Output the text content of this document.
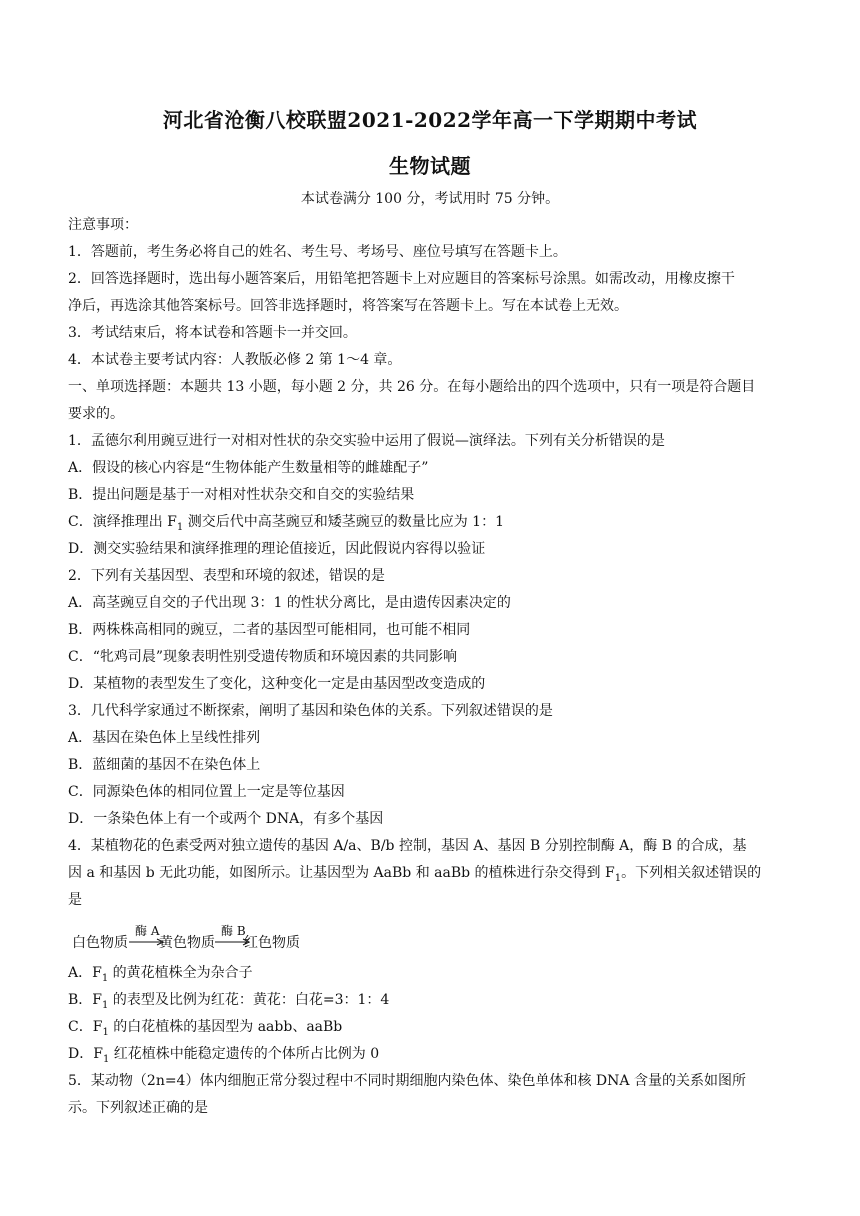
河北省沧衡八校联盟2021-2022学年高一下学期期中考试
生物试题
本试卷满分 100 分，考试用时 75 分钟。
注意事项：
1．答题前，考生务必将自己的姓名、考生号、考场号、座位号填写在答题卡上。
2．回答选择题时，选出每小题答案后，用铅笔把答题卡上对应题目的答案标号涂黑。如需改动，用橡皮擦干
净后，再选涂其他答案标号。回答非选择题时，将答案写在答题卡上。写在本试卷上无效。
3．考试结束后，将本试卷和答题卡一并交回。
4．本试卷主要考试内容：人教版必修 2 第 1～4 章。
一、单项选择题：本题共 13 小题，每小题 2 分，共 26 分。在每小题给出的四个选项中，只有一项是符合题目
要求的。
1．孟德尔利用豌豆进行一对相对性状的杂交实验中运用了假说—演绎法。下列有关分析错误的是
A．假设的核心内容是“生物体能产生数量相等的雌雄配子”
B．提出问题是基于一对相对性状杂交和自交的实验结果
C．演绎推理出 $F_1$ 测交后代中高茎豌豆和矮茎豌豆的数量比应为 1：1
D．测交实验结果和演绎推理的理论值接近，因此假说内容得以验证
2．下列有关基因型、表型和环境的叙述，错误的是
A．高茎豌豆自交的子代出现 3：1 的性状分离比，是由遗传因素决定的
B．两株株高相同的豌豆，二者的基因型可能相同，也可能不相同
C．“牝鸡司晨”现象表明性别受遗传物质和环境因素的共同影响
D．某植物的表型发生了变化，这种变化一定是由基因型改变造成的
3．几代科学家通过不断探索，阐明了基因和染色体的关系。下列叙述错误的是
A．基因在染色体上呈线性排列
B．蓝细菌的基因不在染色体上
C．同源染色体的相同位置上一定是等位基因
D．一条染色体上有一个或两个 DNA，有多个基因
4．某植物花的色素受两对独立遗传的基因 A/a、B/b 控制，基因 A、基因 B 分别控制酶 A，酶 B 的合成，基
因 a 和基因 b 无此功能，如图所示。让基因型为 AaBb 和 aaBb 的植株进行杂交得到 $F_1$。下列相关叙述错误的
是
白色物质
酶 A
黄色物质
酶 B
红色物质
A．$F_1$ 的黄花植株全为杂合子
B．$F_1$ 的表型及比例为红花：黄花：白花=3：1：4
C．$F_1$ 的白花植株的基因型为 aabb、aaBb
D．$F_1$ 红花植株中能稳定遗传的个体所占比例为 0
5．某动物（2n=4）体内细胞正常分裂过程中不同时期细胞内染色体、染色单体和核 DNA 含量的关系如图所
示。下列叙述正确的是
